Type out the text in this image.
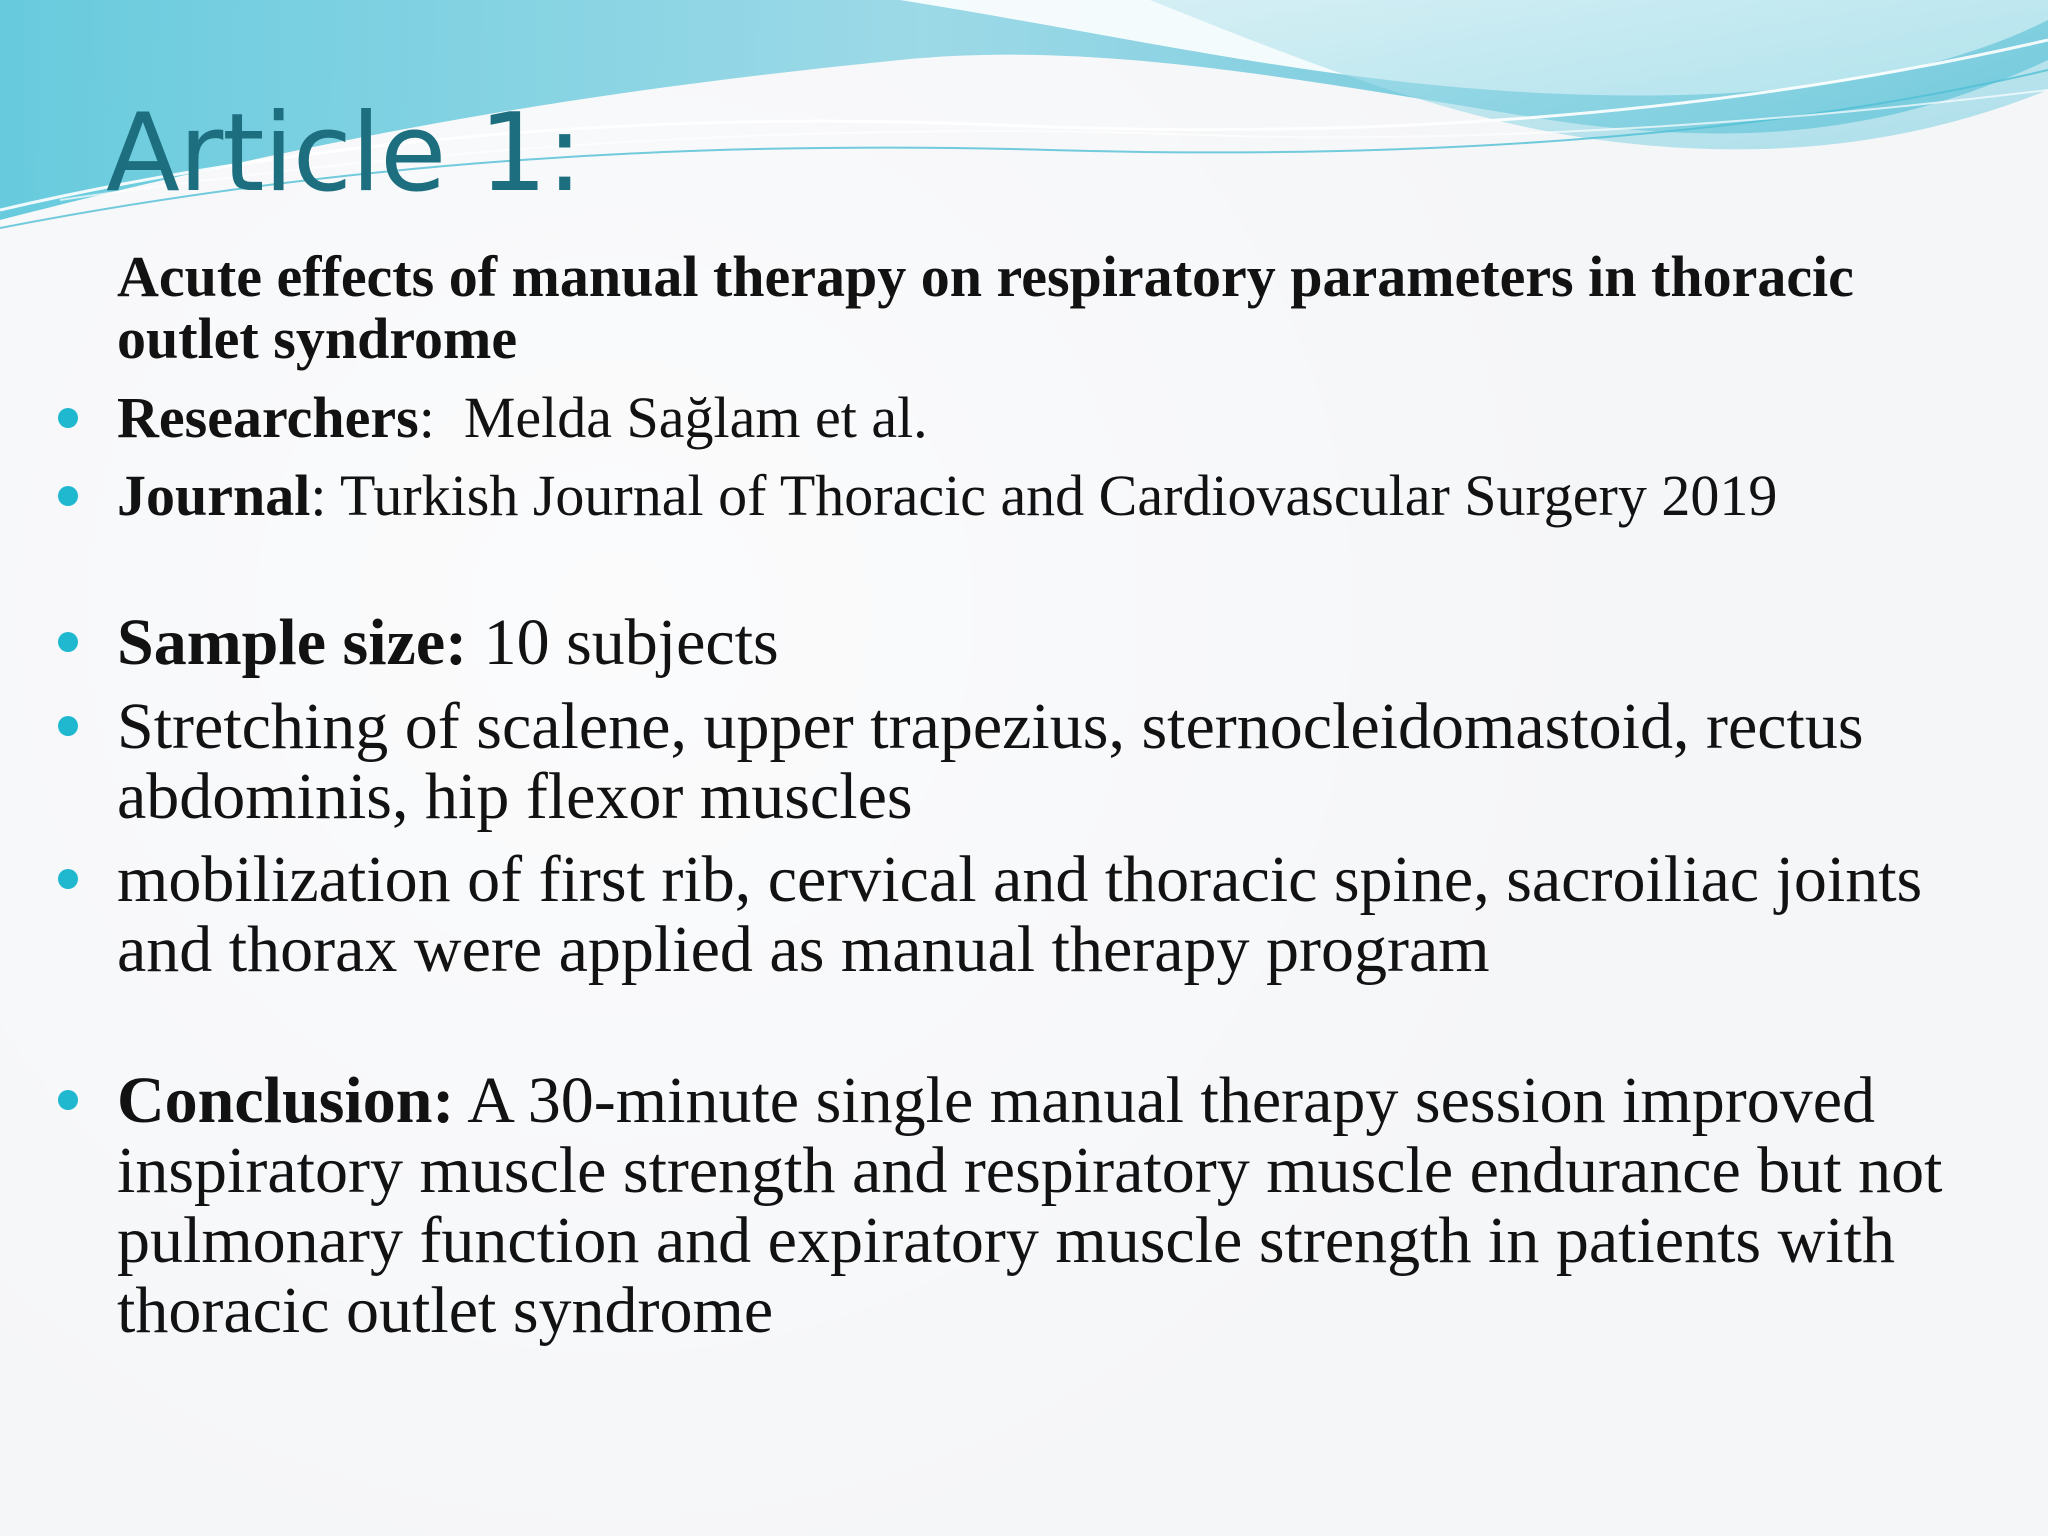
Article 1:
Acute effects of manual therapy on respiratory parameters in thoracic outlet syndrome
Researchers:  Melda Sağlam et al.
Journal: Turkish Journal of Thoracic and Cardiovascular Surgery 2019
Sample size: 10 subjects
Stretching of scalene, upper trapezius, sternocleidomastoid, rectus abdominis, hip flexor muscles
mobilization of first rib, cervical and thoracic spine, sacroiliac joints and thorax were applied as manual therapy program
Conclusion: A 30-minute single manual therapy session improved inspiratory muscle strength and respiratory muscle endurance but not pulmonary function and expiratory muscle strength in patients with thoracic outlet syndrome
